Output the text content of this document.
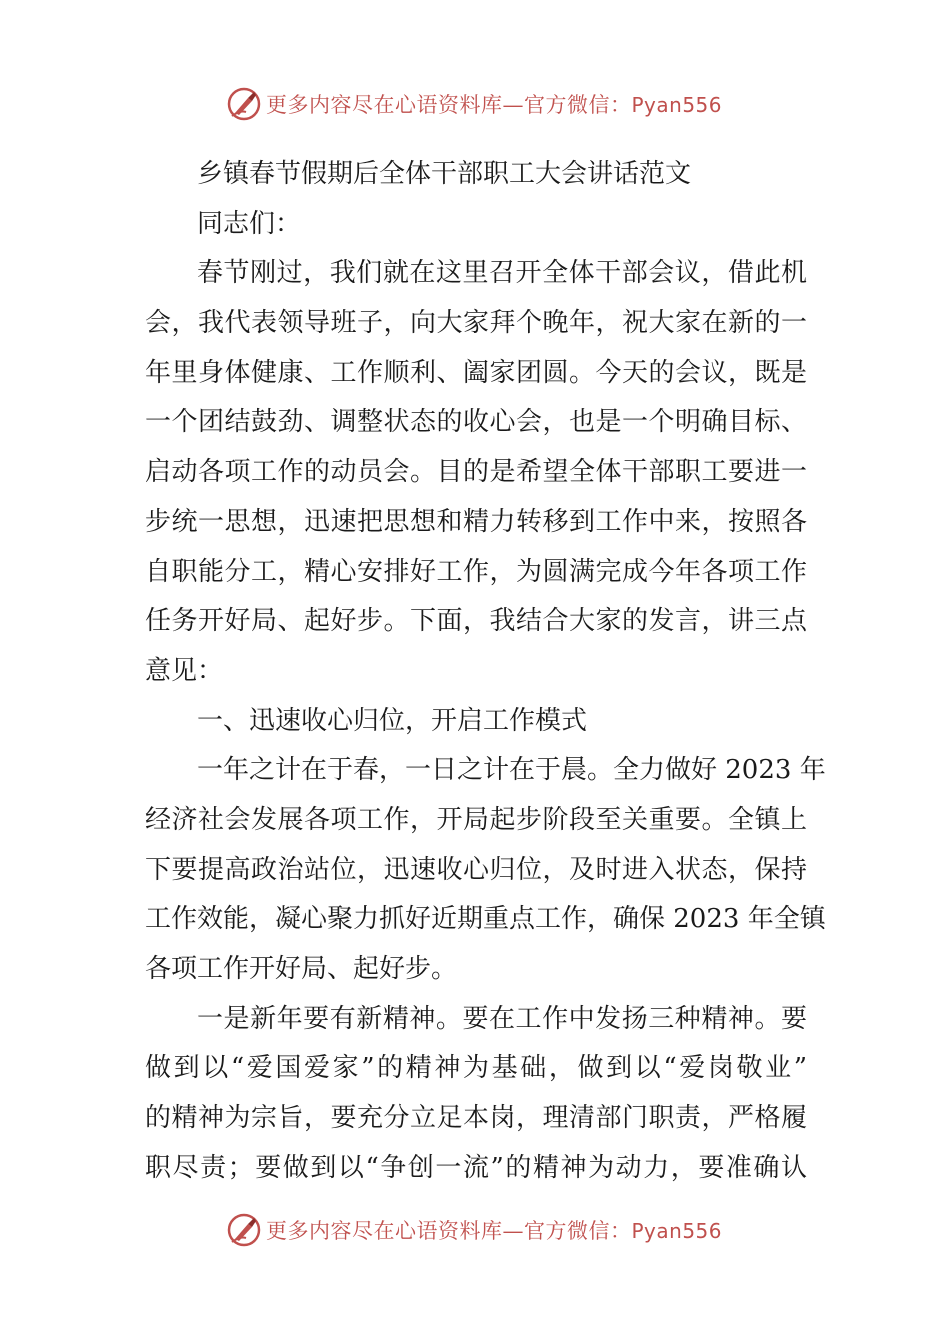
更多内容尽在心语资料库—官方微信：Pyan556
乡镇春节假期后全体干部职工大会讲话范文
同志们：
春节刚过，我们就在这里召开全体干部会议，借此机
会，我代表领导班子，向大家拜个晚年，祝大家在新的一
年里身体健康、工作顺利、阖家团圆。今天的会议，既是
一个团结鼓劲、调整状态的收心会，也是一个明确目标、
启动各项工作的动员会。目的是希望全体干部职工要进一
步统一思想，迅速把思想和精力转移到工作中来，按照各
自职能分工，精心安排好工作，为圆满完成今年各项工作
任务开好局、起好步。下面，我结合大家的发言，讲三点
意见：
一、迅速收心归位，开启工作模式
一年之计在于春，一日之计在于晨。全力做好 2023 年
经济社会发展各项工作，开局起步阶段至关重要。全镇上
下要提高政治站位，迅速收心归位，及时进入状态，保持
工作效能，凝心聚力抓好近期重点工作，确保 2023 年全镇
各项工作开好局、起好步。
一是新年要有新精神。要在工作中发扬三种精神。要
做到以“爱国爱家”的精神为基础，做到以“爱岗敬业”
的精神为宗旨，要充分立足本岗，理清部门职责，严格履
职尽责；要做到以“争创一流”的精神为动力，要准确认
更多内容尽在心语资料库—官方微信：Pyan556
